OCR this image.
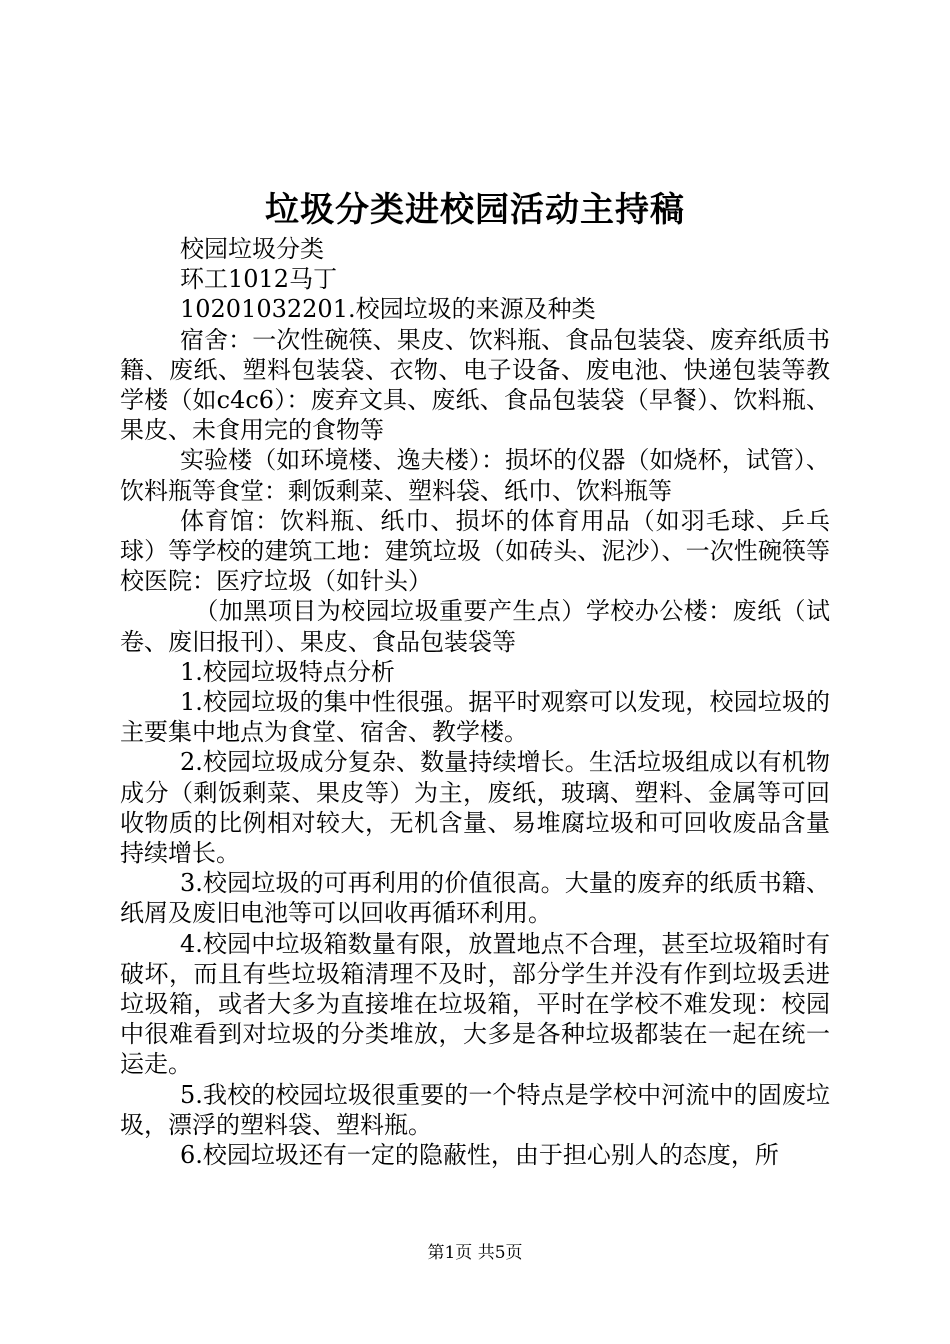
垃圾分类进校园活动主持稿

校园垃圾分类

环工1012马丁

10201032201.校园垃圾的来源及种类

宿舍：一次性碗筷、果皮、饮料瓶、食品包装袋、废弃纸质书籍、废纸、塑料包装袋、衣物、电子设备、废电池、快递包装等教学楼（如c4c6）：废弃文具、废纸、食品包装袋（早餐）、饮料瓶、果皮、未食用完的食物等

实验楼（如环境楼、逸夫楼）：损坏的仪器（如烧杯，试管）、饮料瓶等食堂：剩饭剩菜、塑料袋、纸巾、饮料瓶等

体育馆：饮料瓶、纸巾、损坏的体育用品（如羽毛球、乒乓球）等学校的建筑工地：建筑垃圾（如砖头、泥沙）、一次性碗筷等校医院：医疗垃圾（如针头）

（加黑项目为校园垃圾重要产生点）学校办公楼：废纸（试卷、废旧报刊）、果皮、食品包装袋等

1.校园垃圾特点分析

1.校园垃圾的集中性很强。据平时观察可以发现，校园垃圾的主要集中地点为食堂、宿舍、教学楼。

2.校园垃圾成分复杂、数量持续增长。生活垃圾组成以有机物成分（剩饭剩菜、果皮等）为主，废纸，玻璃、塑料、金属等可回收物质的比例相对较大，无机含量、易堆腐垃圾和可回收废品含量持续增长。

3.校园垃圾的可再利用的价值很高。大量的废弃的纸质书籍、纸屑及废旧电池等可以回收再循环利用。

4.校园中垃圾箱数量有限，放置地点不合理，甚至垃圾箱时有破坏，而且有些垃圾箱清理不及时，部分学生并没有作到垃圾丢进垃圾箱，或者大多为直接堆在垃圾箱，平时在学校不难发现：校园中很难看到对垃圾的分类堆放，大多是各种垃圾都装在一起在统一运走。

5.我校的校园垃圾很重要的一个特点是学校中河流中的固废垃圾，漂浮的塑料袋、塑料瓶。

6.校园垃圾还有一定的隐蔽性，由于担心别人的态度，所

第1页 共5页
